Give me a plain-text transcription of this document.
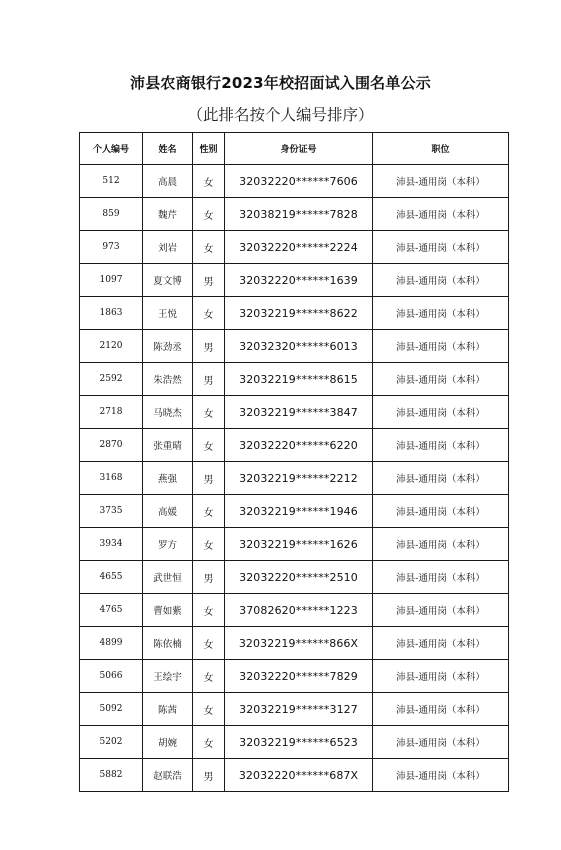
沛县农商银行2023年校招面试入围名单公示
（此排名按个人编号排序）
个人编号	姓名	性别	身份证号	职位
512	高晨	女	32032220******7606	沛县-通用岗（本科）
859	魏芹	女	32038219******7828	沛县-通用岗（本科）
973	刘岩	女	32032220******2224	沛县-通用岗（本科）
1097	夏文博	男	32032220******1639	沛县-通用岗（本科）
1863	王悦	女	32032219******8622	沛县-通用岗（本科）
2120	陈劲丞	男	32032320******6013	沛县-通用岗（本科）
2592	朱浩然	男	32032219******8615	沛县-通用岗（本科）
2718	马晓杰	女	32032219******3847	沛县-通用岗（本科）
2870	张重晴	女	32032220******6220	沛县-通用岗（本科）
3168	燕强	男	32032219******2212	沛县-通用岗（本科）
3735	高媛	女	32032219******1946	沛县-通用岗（本科）
3934	罗方	女	32032219******1626	沛县-通用岗（本科）
4655	武世恒	男	32032220******2510	沛县-通用岗（本科）
4765	曹如紫	女	37082620******1223	沛县-通用岗（本科）
4899	陈依楠	女	32032219******866X	沛县-通用岗（本科）
5066	王绘宇	女	32032220******7829	沛县-通用岗（本科）
5092	陈茜	女	32032219******3127	沛县-通用岗（本科）
5202	胡婉	女	32032219******6523	沛县-通用岗（本科）
5882	赵联浩	男	32032220******687X	沛县-通用岗（本科）
